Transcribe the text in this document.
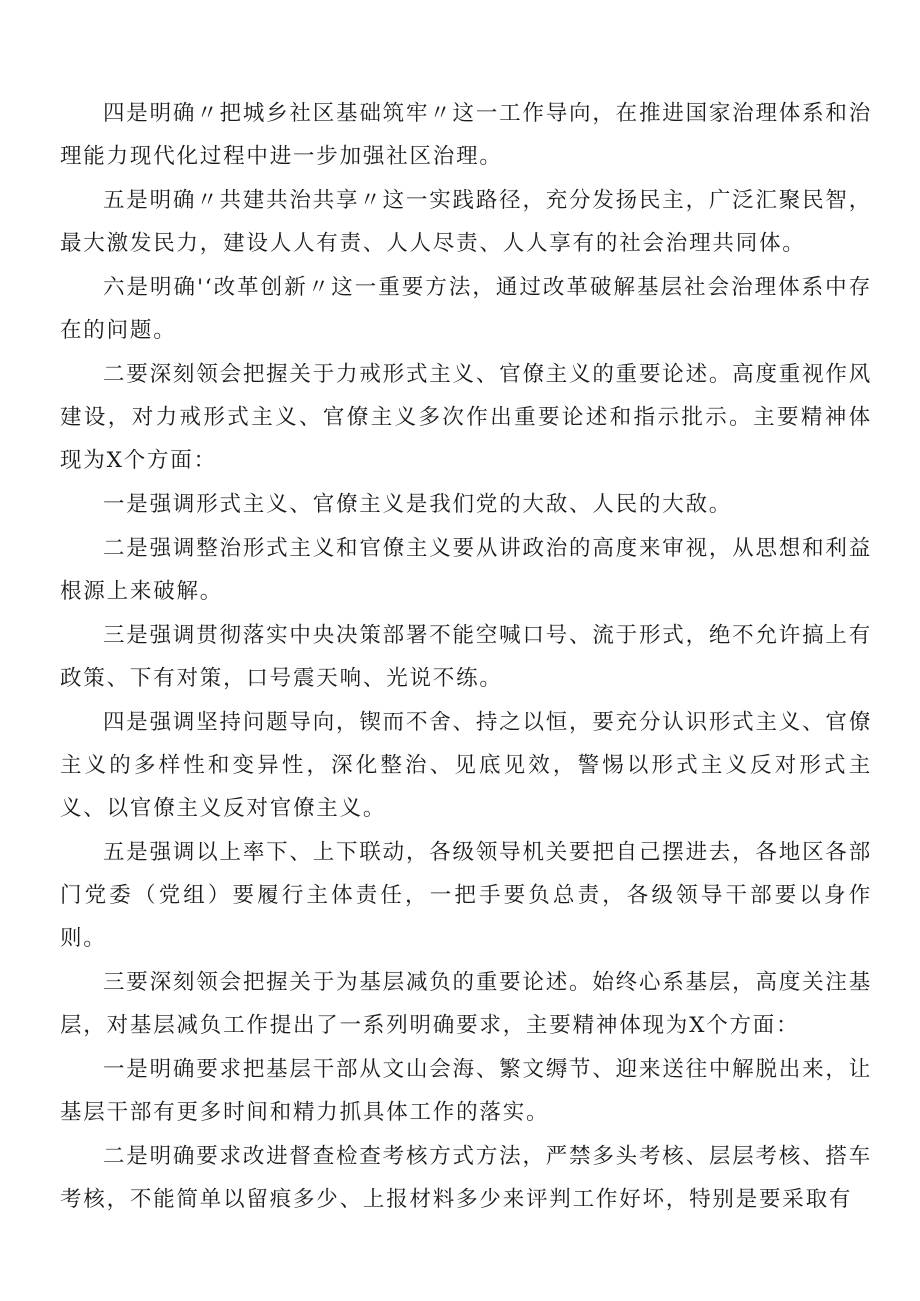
四是明确〃把城乡社区基础筑牢〃这一工作导向，在推进国家治理体系和治理能力现代化过程中进一步加强社区治理。

五是明确〃共建共治共享〃这一实践路径，充分发扬民主，广泛汇聚民智，最大激发民力，建设人人有责、人人尽责、人人享有的社会治理共同体。

六是明确'‘改革创新〃这一重要方法，通过改革破解基层社会治理体系中存在的问题。

二要深刻领会把握关于力戒形式主义、官僚主义的重要论述。高度重视作风建设，对力戒形式主义、官僚主义多次作出重要论述和指示批示。主要精神体现为X个方面：

一是强调形式主义、官僚主义是我们党的大敌、人民的大敌。

二是强调整治形式主义和官僚主义要从讲政治的高度来审视，从思想和利益根源上来破解。

三是强调贯彻落实中央决策部署不能空喊口号、流于形式，绝不允许搞上有政策、下有对策，口号震天响、光说不练。

四是强调坚持问题导向，锲而不舍、持之以恒，要充分认识形式主义、官僚主义的多样性和变异性，深化整治、见底见效，警惕以形式主义反对形式主义、以官僚主义反对官僚主义。

五是强调以上率下、上下联动，各级领导机关要把自己摆进去，各地区各部门党委（党组）要履行主体责任，一把手要负总责，各级领导干部要以身作则。

三要深刻领会把握关于为基层减负的重要论述。始终心系基层，高度关注基层，对基层减负工作提出了一系列明确要求，主要精神体现为X个方面：

一是明确要求把基层干部从文山会海、繁文缛节、迎来送往中解脱出来，让基层干部有更多时间和精力抓具体工作的落实。

二是明确要求改进督查检查考核方式方法，严禁多头考核、层层考核、搭车考核，不能简单以留痕多少、上报材料多少来评判工作好坏，特别是要采取有
